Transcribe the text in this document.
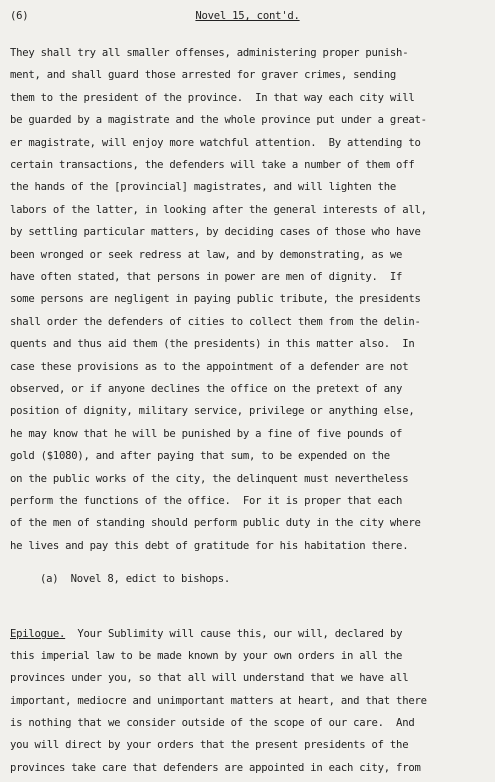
(6)	Novel 15, cont'd.
They shall try all smaller offenses, administering proper punish-
ment, and shall guard those arrested for graver crimes, sending
them to the president of the province.  In that way each city will
be guarded by a magistrate and the whole province put under a great-
er magistrate, will enjoy more watchful attention.  By attending to
certain transactions, the defenders will take a number of them off
the hands of the [provincial] magistrates, and will lighten the
labors of the latter, in looking after the general interests of all,
by settling particular matters, by deciding cases of those who have
been wronged or seek redress at law, and by demonstrating, as we
have often stated, that persons in power are men of dignity.  If
some persons are negligent in paying public tribute, the presidents
shall order the defenders of cities to collect them from the delin-
quents and thus aid them (the presidents) in this matter also.  In
case these provisions as to the appointment of a defender are not
observed, or if anyone declines the office on the pretext of any
position of dignity, military service, privilege or anything else,
he may know that he will be punished by a fine of five pounds of
gold ($1080), and after paying that sum, to be expended on the
on the public works of the city, the delinquent must nevertheless
perform the functions of the office.  For it is proper that each
of the men of standing should perform public duty in the city where
he lives and pay this debt of gratitude for his habitation there.
(a)  Novel 8, edict to bishops.
Epilogue.  Your Sublimity will cause this, our will, declared by
this imperial law to be made known by your own orders in all the
provinces under you, so that all will understand that we have all
important, mediocre and unimportant matters at heart, and that there
is nothing that we consider outside of the scope of our care.  And
you will direct by your orders that the present presidents of the
provinces take care that defenders are appointed in each city, from
